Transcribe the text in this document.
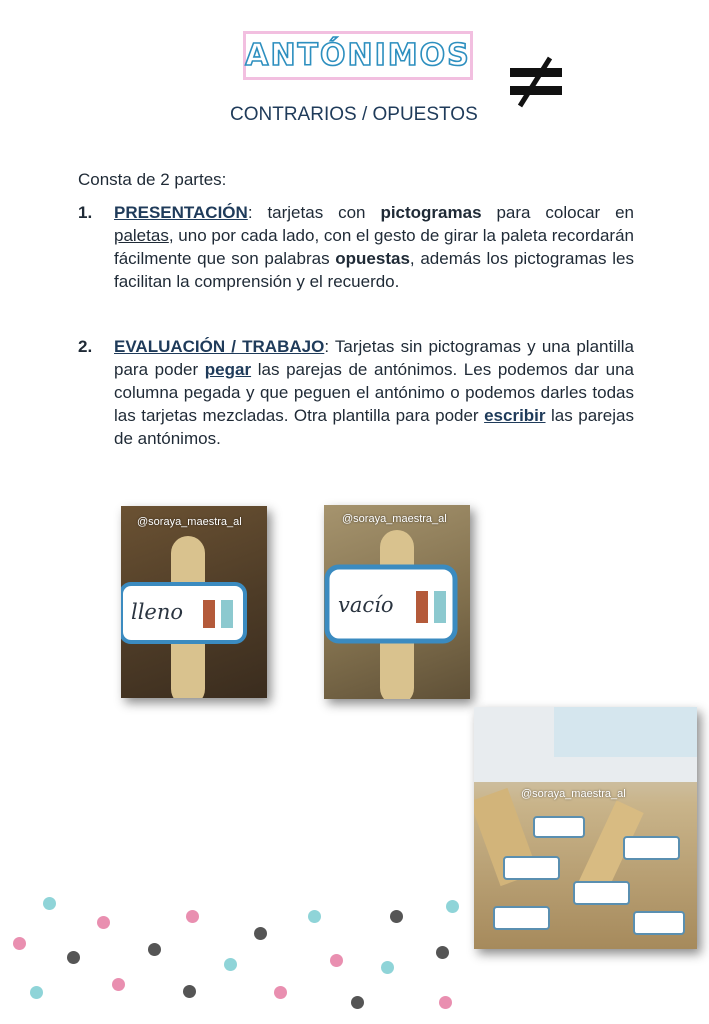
ANTÓNIMOS
CONTRARIOS / OPUESTOS
Consta de 2 partes:
1. PRESENTACIÓN: tarjetas con pictogramas para colocar en paletas, uno por cada lado, con el gesto de girar la paleta recordarán fácilmente que son palabras opuestas, además los pictogramas les facilitan la comprensión y el recuerdo.
2. EVALUACIÓN / TRABAJO: Tarjetas sin pictogramas y una plantilla para poder pegar las parejas de antónimos. Les podemos dar una columna pegada y que peguen el antónimo o podemos darles todas las tarjetas mezcladas. Otra plantilla para poder escribir las parejas de antónimos.
@soraya_maestra_al
lleno
@soraya_maestra_al
vacío
@soraya_maestra_al
